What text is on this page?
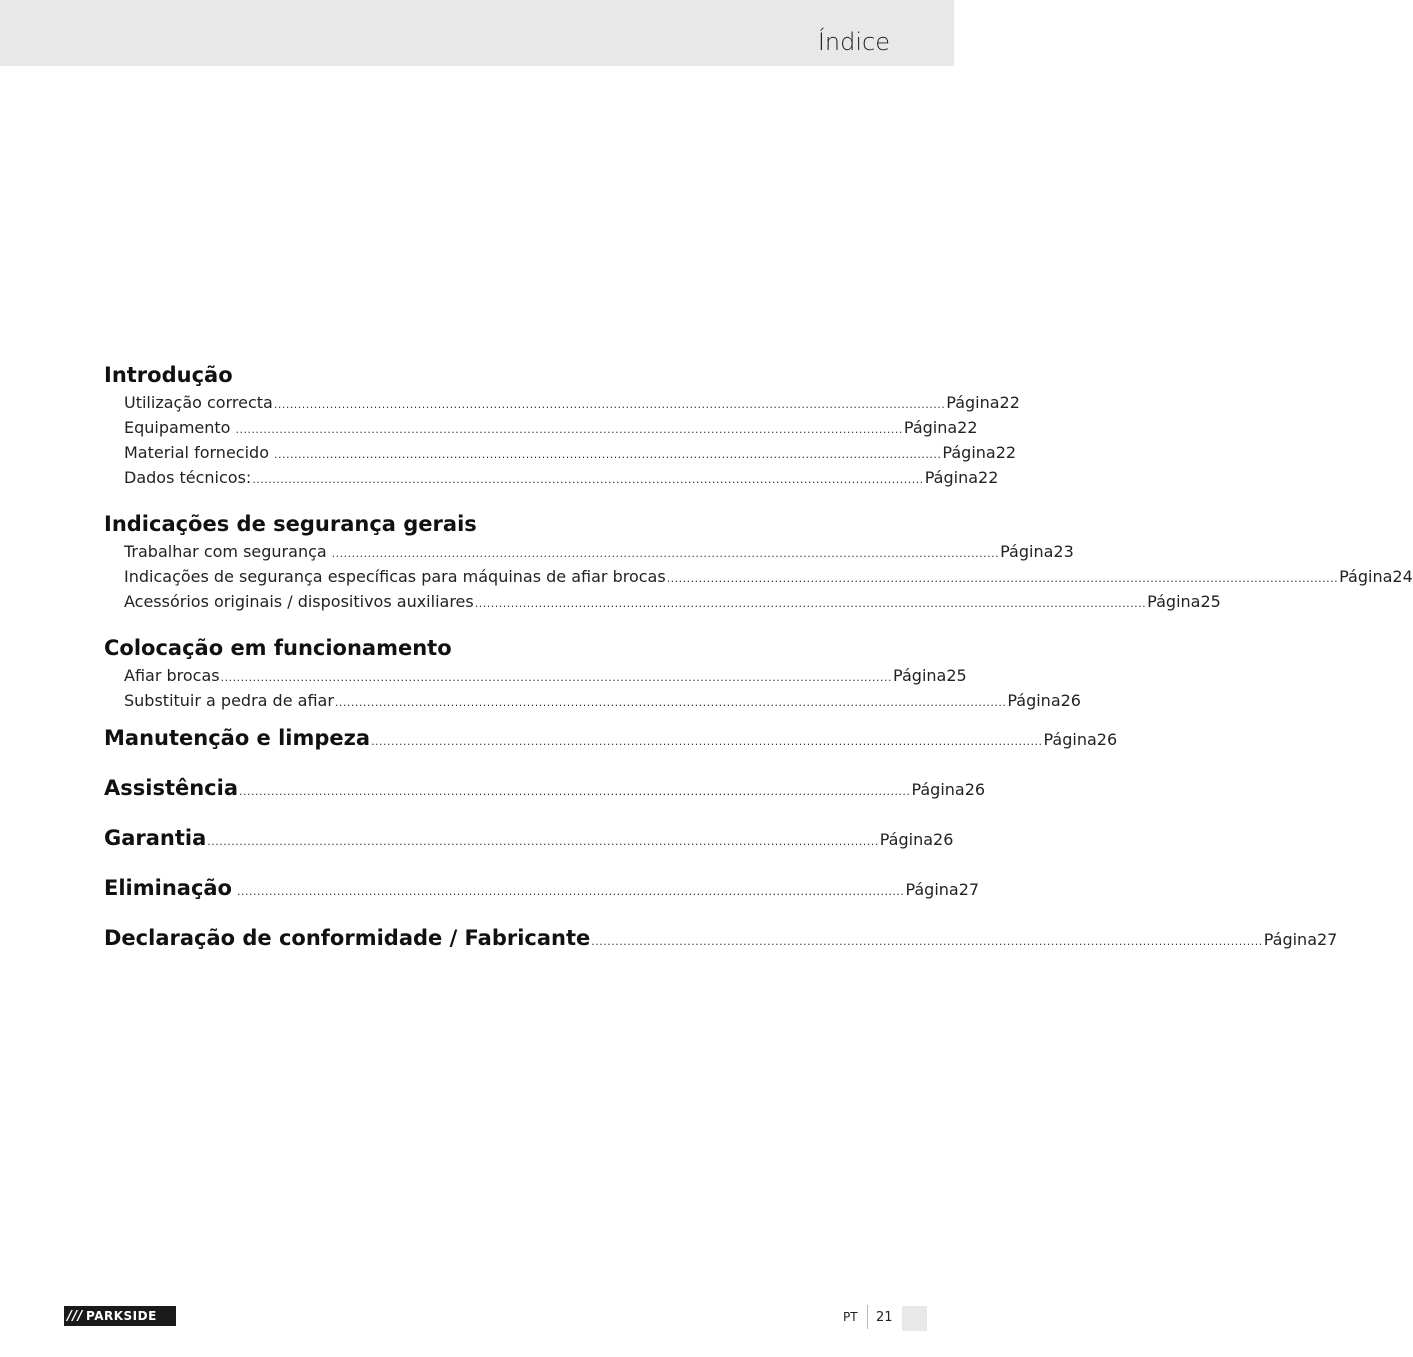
Índice
Introdução
Utilização correcta ........................................................................................................................................................................ Página 22
Equipamento ....................................................................................................................................................................... Página 22
Material fornecido ....................................................................................................................................................................... Página 22
Dados técnicos: ........................................................................................................................................................................ Página 22
Indicações de segurança gerais
Trabalhar com segurança ....................................................................................................................................................................... Página 23
Indicações de segurança específicas para máquinas de afiar brocas ........................................................................................................................................................................ Página 24
Acessórios originais / dispositivos auxiliares ........................................................................................................................................................................ Página 25
Colocação em funcionamento
Afiar brocas ........................................................................................................................................................................ Página 25
Substituir a pedra de afiar ........................................................................................................................................................................ Página 26
Manutenção e limpeza ........................................................................................................................................................................ Página 26
Assistência ........................................................................................................................................................................ Página 26
Garantia ........................................................................................................................................................................ Página 26
Eliminação ....................................................................................................................................................................... Página 27
Declaração de conformidade / Fabricante ........................................................................................................................................................................ Página 27
/// PARKSIDE	PT 21
